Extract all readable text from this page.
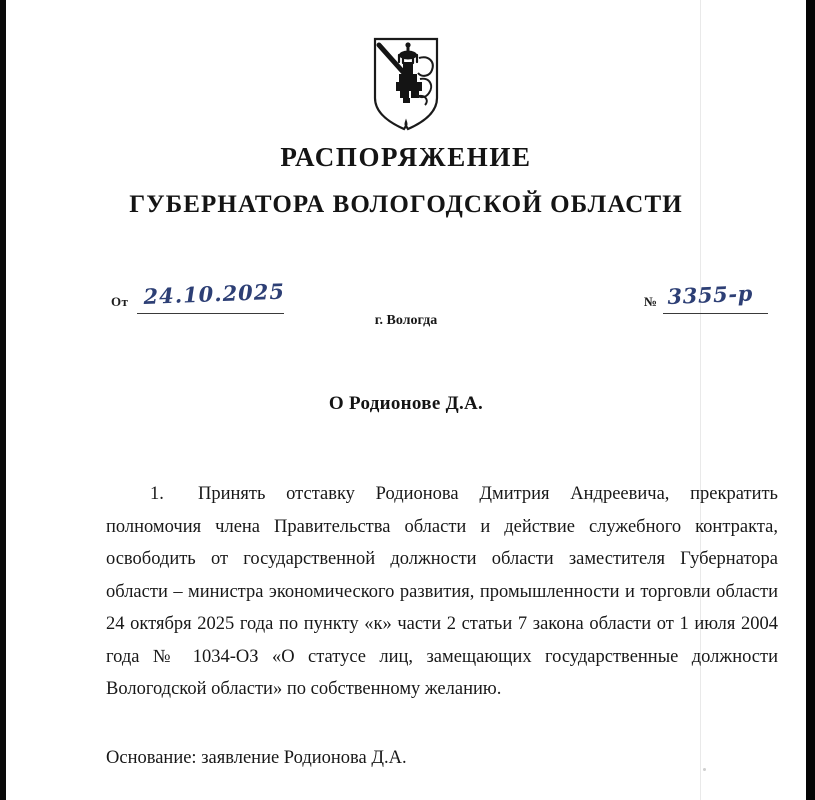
РАСПОРЯЖЕНИЕ
ГУБЕРНАТОРА ВОЛОГОДСКОЙ ОБЛАСТИ
От 24.10.2025	№ 3355-р
г. Вологда
О Родионове Д.А.

1. Принять отставку Родионова Дмитрия Андреевича, прекратить полномочия члена Правительства области и действие служебного контракта, освободить от государственной должности области заместителя Губернатора области – министра экономического развития, промышленности и торговли области 24 октября 2025 года по пункту «к» части 2 статьи 7 закона области от 1 июля 2004 года № 1034-ОЗ «О статусе лиц, замещающих государственные должности Вологодской области» по собственному желанию.

Основание: заявление Родионова Д.А.
